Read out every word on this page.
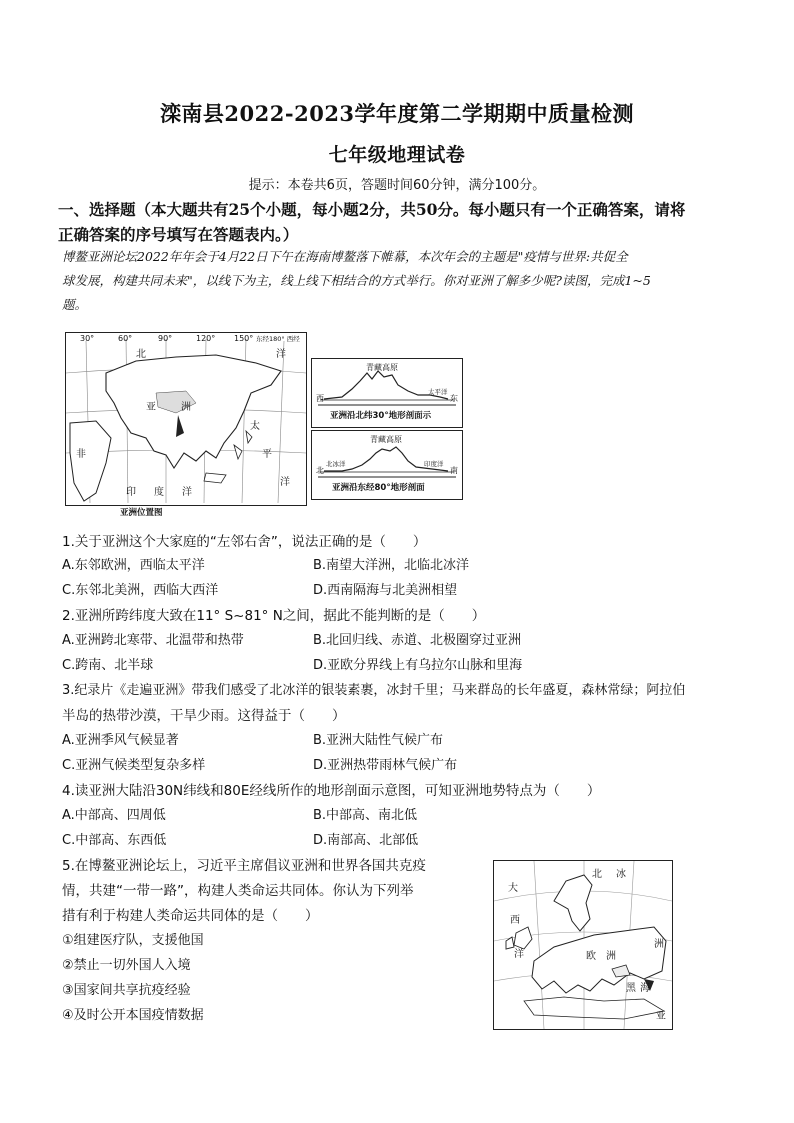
滦南县2022-2023学年度第二学期期中质量检测
七年级地理试卷
提示：本卷共6页，答题时间60分钟，满分100分。
一、选择题（本大题共有25个小题，每小题2分，共50分。每小题只有一个正确答案，请将
正确答案的序号填写在答题表内。）
博鳌亚洲论坛2022年年会于4月22日下午在海南博鳌落下帷幕，本次年会的主题是"疫情与世界:共促全
球发展，构建共同未来"，以线下为主，线上线下相结合的方式举行。你对亚洲了解多少呢?读图，完成1~5
题。
30°	60°	90°	120° 150° 东经180° 西经
北	洋
亚	洲
非
印 度 洋
太
平
洋
亚洲位置图
青藏高原
西	东
太平洋
亚洲沿北纬30°地形剖面示
青藏高原
北	南
北冰洋	印度洋
亚洲沿东经80°地形剖面
1.关于亚洲这个大家庭的“左邻右舍”，说法正确的是（　　）
A.东邻欧洲，西临太平洋	B.南望大洋洲，北临北冰洋
C.东邻北美洲，西临大西洋	D.西南隔海与北美洲相望
2.亚洲所跨纬度大致在11° S~81° N之间，据此不能判断的是（　　）
A.亚洲跨北寒带、北温带和热带	B.北回归线、赤道、北极圈穿过亚洲
C.跨南、北半球	D.亚欧分界线上有乌拉尔山脉和里海
3.纪录片《走遍亚洲》带我们感受了北冰洋的银装素裹，冰封千里；马来群岛的长年盛夏，森林常绿；阿拉伯
半岛的热带沙漠，干旱少雨。这得益于（　　）
A.亚洲季风气候显著	B.亚洲大陆性气候广布
C.亚洲气候类型复杂多样	D.亚洲热带雨林气候广布
4.读亚洲大陆沿30N纬线和80E经线所作的地形剖面示意图，可知亚洲地势特点为（　　）
A.中部高、四周低	B.中部高、南北低
C.中部高、东西低	D.南部高、北部低
5.在博鳌亚洲论坛上，习近平主席倡议亚洲和世界各国共克疫
情，共建“一带一路”，构建人类命运共同体。你认为下列举
措有利于构建人类命运共同体的是（　　）
①组建医疗队，支援他国
②禁止一切外国人入境
③国家间共享抗疫经验
④及时公开本国疫情数据
大
西
洋
北 冰
洲
欧 洲
黑 海
亚
